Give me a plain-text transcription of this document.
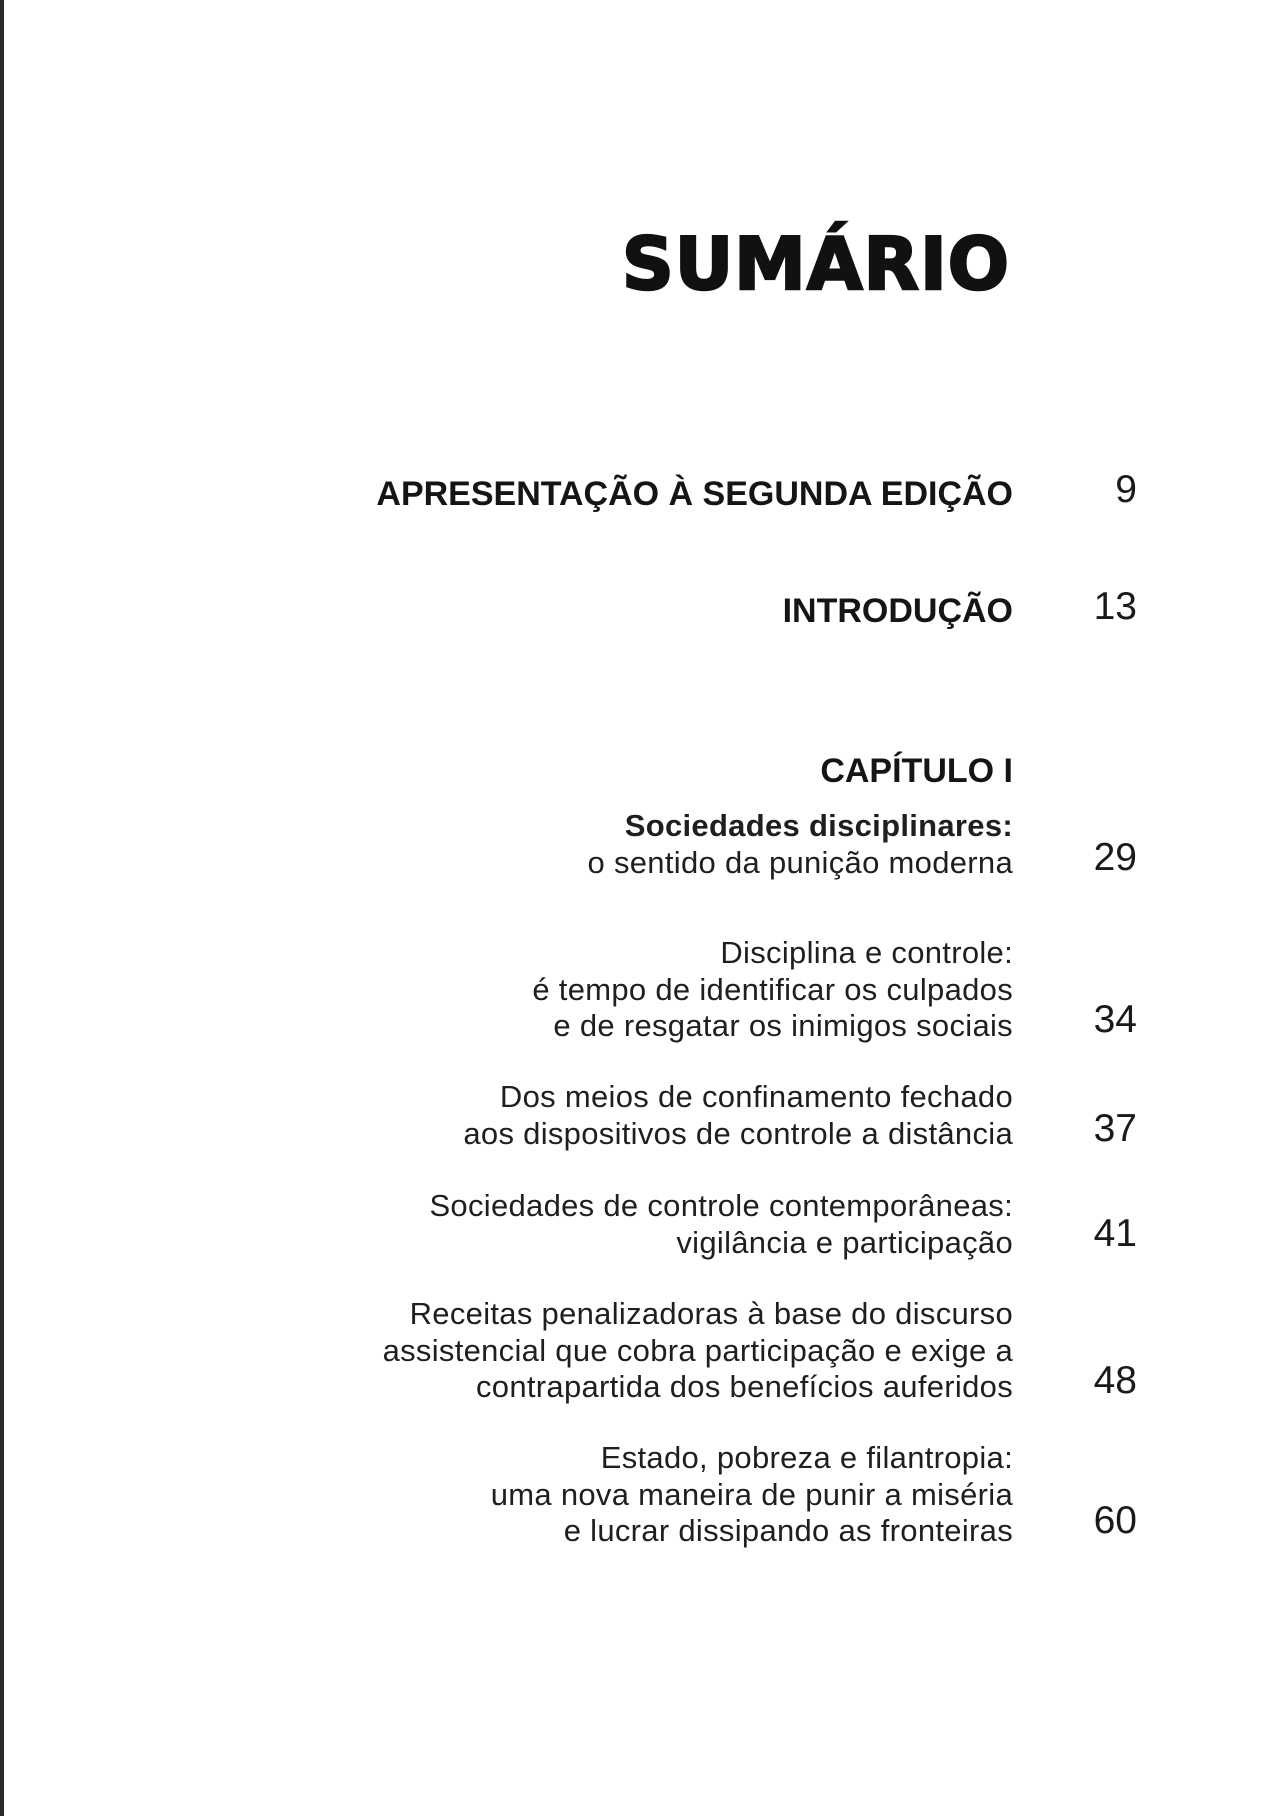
SUMÁRIO
APRESENTAÇÃO À SEGUNDA EDIÇÃO	9
INTRODUÇÃO 13
CAPÍTULO I
Sociedades disciplinares:
o sentido da punição moderna 29
Disciplina e controle:
é tempo de identificar os culpados
e de resgatar os inimigos sociais 34
Dos meios de confinamento fechado
aos dispositivos de controle a distância 37
Sociedades de controle contemporâneas:
vigilância e participação 41
Receitas penalizadoras à base do discurso
assistencial que cobra participação e exige a
contrapartida dos benefícios auferidos 48
Estado, pobreza e filantropia:
uma nova maneira de punir a miséria
e lucrar dissipando as fronteiras 60
